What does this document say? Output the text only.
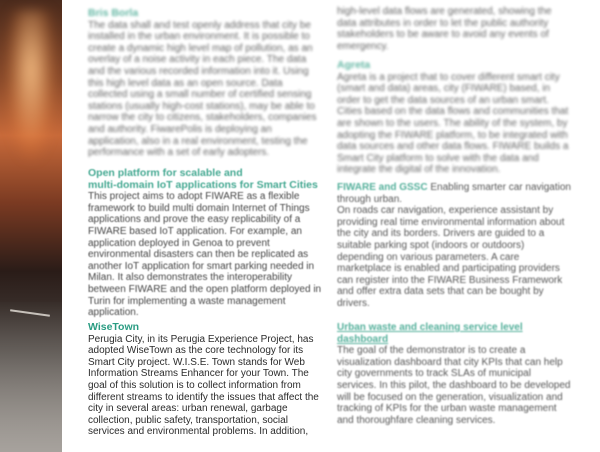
Bris Borla

The data shall and test openly address that city be installed in the urban environment. It is possible to create a dynamic high level map of pollution, as an overlay of a noise activity in each piece. The data and the various recorded information into it. Using this high level data as an open source. Data collected using a small number of certified sensing stations (usually high-cost stations), may be able to narrow the city to citizens, stakeholders, companies and authority. FiwarePolis is deploying an application, also in a real environment, testing the performance with a set of early adopters.

Open platform for scalable and
multi-domain IoT applications for Smart Cities

This project aims to adopt FIWARE as a flexible framework to build multi domain Internet of Things applications and prove the easy replicability of a FIWARE based IoT application. For example, an application deployed in Genoa to prevent environmental disasters can then be replicated as another IoT application for smart parking needed in Milan. It also demonstrates the interoperability between FIWARE and the open platform deployed in Turin for implementing a waste management application.

WiseTown

Perugia City, in its Perugia Experience Project, has adopted WiseTown as the core technology for its Smart City project. W.I.S.E. Town stands for Web Information Streams Enhancer for your Town. The goal of this solution is to collect information from different streams to identify the issues that affect the city in several areas: urban renewal, garbage collection, public safety, transportation, social services and environmental problems. In addition,

high-level data flows are generated, showing the data attributes in order to let the public authority stakeholders to be aware to avoid any events of emergency.

Agreta

Agreta is a project that to cover different smart city (smart and data) areas, city (FIWARE) based, in order to get the data sources of an urban smart. Cities based on the data flows and communities that are shown to the users. The ability of the system, by adopting the FIWARE platform, to be integrated with data sources and other data flows. FIWARE builds a Smart City platform to solve with the data and integrate the digital of the innovation.

FIWARE and GSSC Enabling smarter car navigation through urban.

On roads car navigation, experience assistant by providing real time environmental information about the city and its borders. Drivers are guided to a suitable parking spot (indoors or outdoors) depending on various parameters. A care marketplace is enabled and participating providers can register into the FIWARE Business Framework and offer extra data sets that can be bought by drivers.

Urban waste and cleaning service level dashboard

The goal of the demonstrator is to create a visualization dashboard that city KPIs that can help city governments to track SLAs of municipal services. In this pilot, the dashboard to be developed will be focused on the generation, visualization and tracking of KPIs for the urban waste management and thoroughfare cleaning services.
